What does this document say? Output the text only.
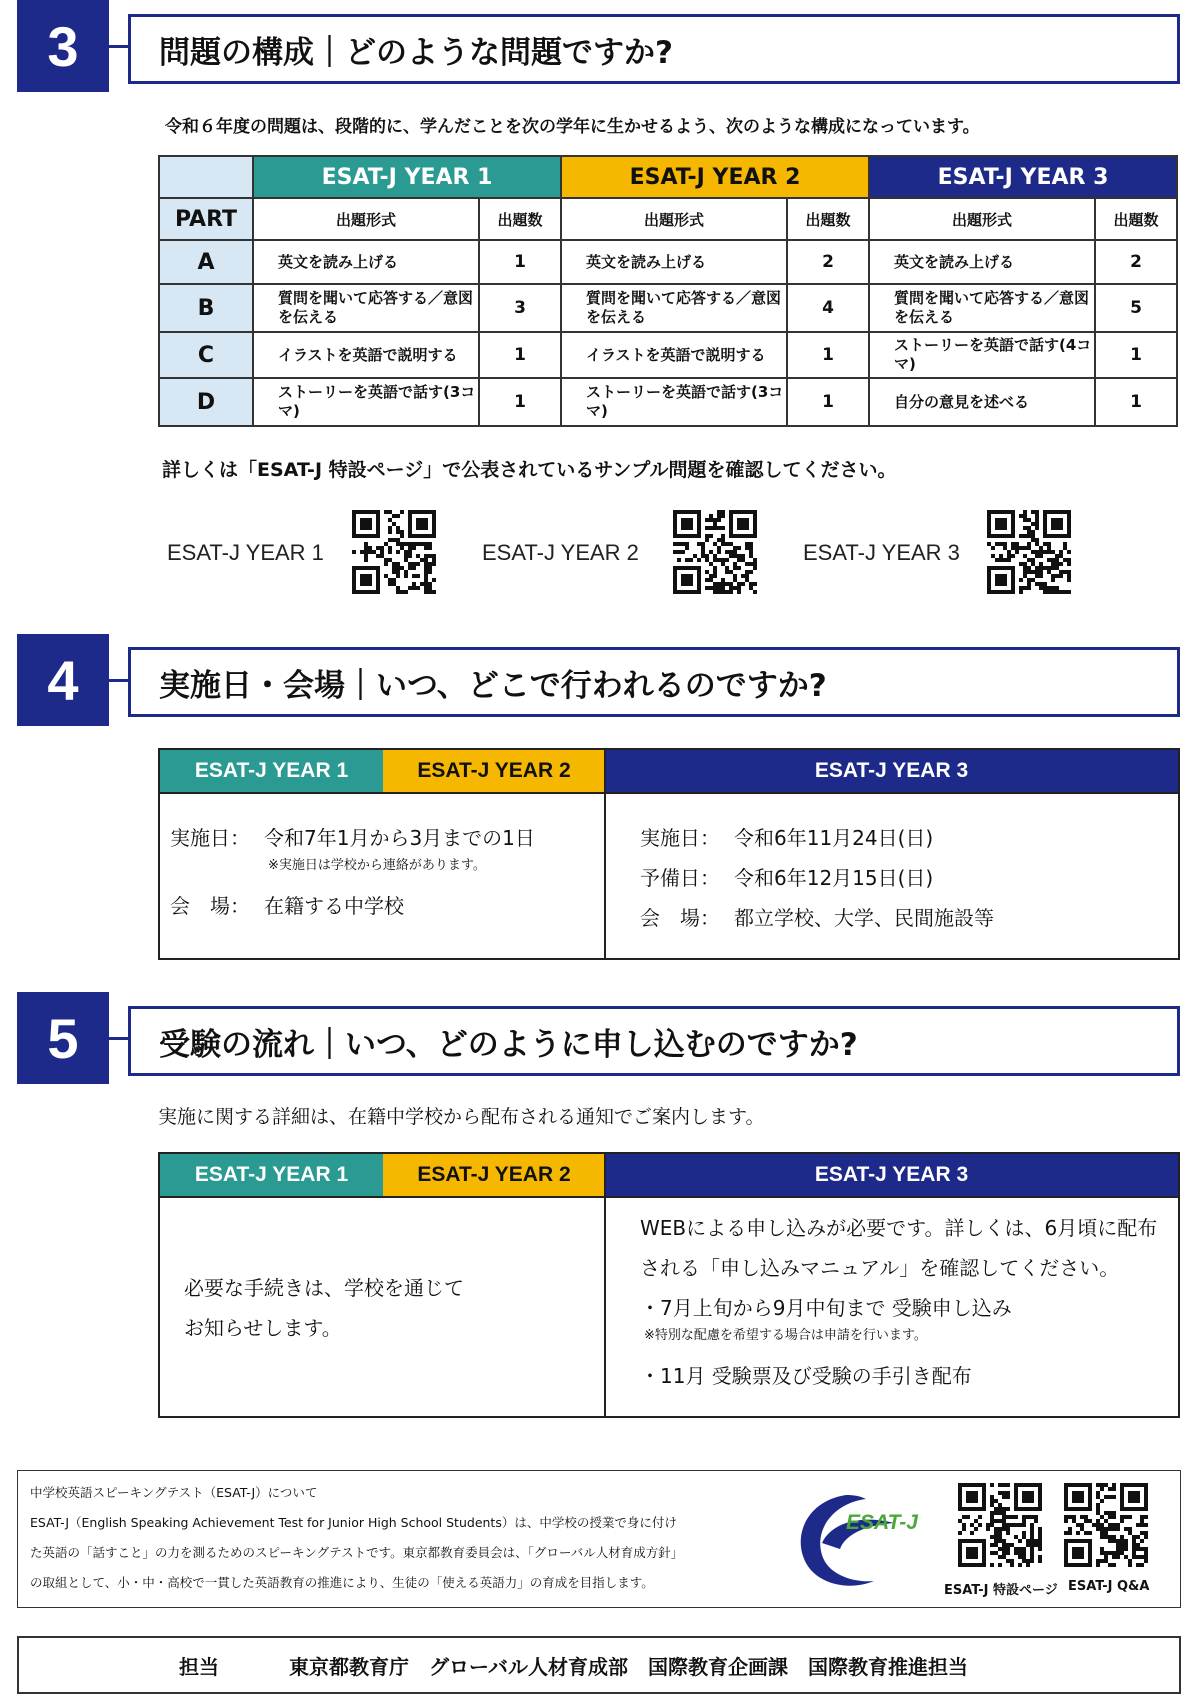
3	問題の構成｜どのような問題ですか?
令和６年度の問題は、段階的に、学んだことを次の学年に生かせるよう、次のような構成になっています。
	ESAT-J YEAR 1		ESAT-J YEAR 2		ESAT-J YEAR 3	
PART	出題形式	出題数	出題形式	出題数	出題形式	出題数
A	英文を読み上げる	1	英文を読み上げる	2	英文を読み上げる	2
B	質問を聞いて応答する／意図を伝える	3	質問を聞いて応答する／意図を伝える	4	質問を聞いて応答する／意図を伝える	5
C	イラストを英語で説明する	1	イラストを英語で説明する	1	ストーリーを英語で話す(4コマ)	1
D	ストーリーを英語で話す(3コマ)	1	ストーリーを英語で話す(3コマ)	1	自分の意見を述べる	1
詳しくは「ESAT-J 特設ページ」で公表されているサンプル問題を確認してください。
ESAT-J YEAR 1	ESAT-J YEAR 2	ESAT-J YEAR 3
4	実施日・会場｜いつ、どこで行われるのですか?
ESAT-J YEAR 1	ESAT-J YEAR 2	ESAT-J YEAR 3
実施日： 令和7年1月から3月までの1日
※実施日は学校から連絡があります。
会　場： 在籍する中学校
実施日： 令和6年11月24日(日)
予備日： 令和6年12月15日(日)
会　場： 都立学校、大学、民間施設等
5	受験の流れ｜いつ、どのように申し込むのですか?
実施に関する詳細は、在籍中学校から配布される通知でご案内します。
ESAT-J YEAR 1	ESAT-J YEAR 2	ESAT-J YEAR 3
必要な手続きは、学校を通じて
お知らせします。
WEBによる申し込みが必要です。詳しくは、6月頃に配布
される「申し込みマニュアル」を確認してください。
・7月上旬から9月中旬まで 受験申し込み
※特別な配慮を希望する場合は申請を行います。
・11月 受験票及び受験の手引き配布
中学校英語スピーキングテスト（ESAT-J）について
ESAT-J（English Speaking Achievement Test for Junior High School Students）は、中学校の授業で身に付け
た英語の「話すこと」の力を測るためのスピーキングテストです。東京都教育委員会は、「グローバル人材育成方針」
の取組として、小・中・高校で一貫した英語教育の推進により、生徒の「使える英語力」の育成を目指します。
ESAT-J
ESAT-J 特設ページ ESAT-J Q&A
担当	東京都教育庁　グローバル人材育成部　国際教育企画課　国際教育推進担当
